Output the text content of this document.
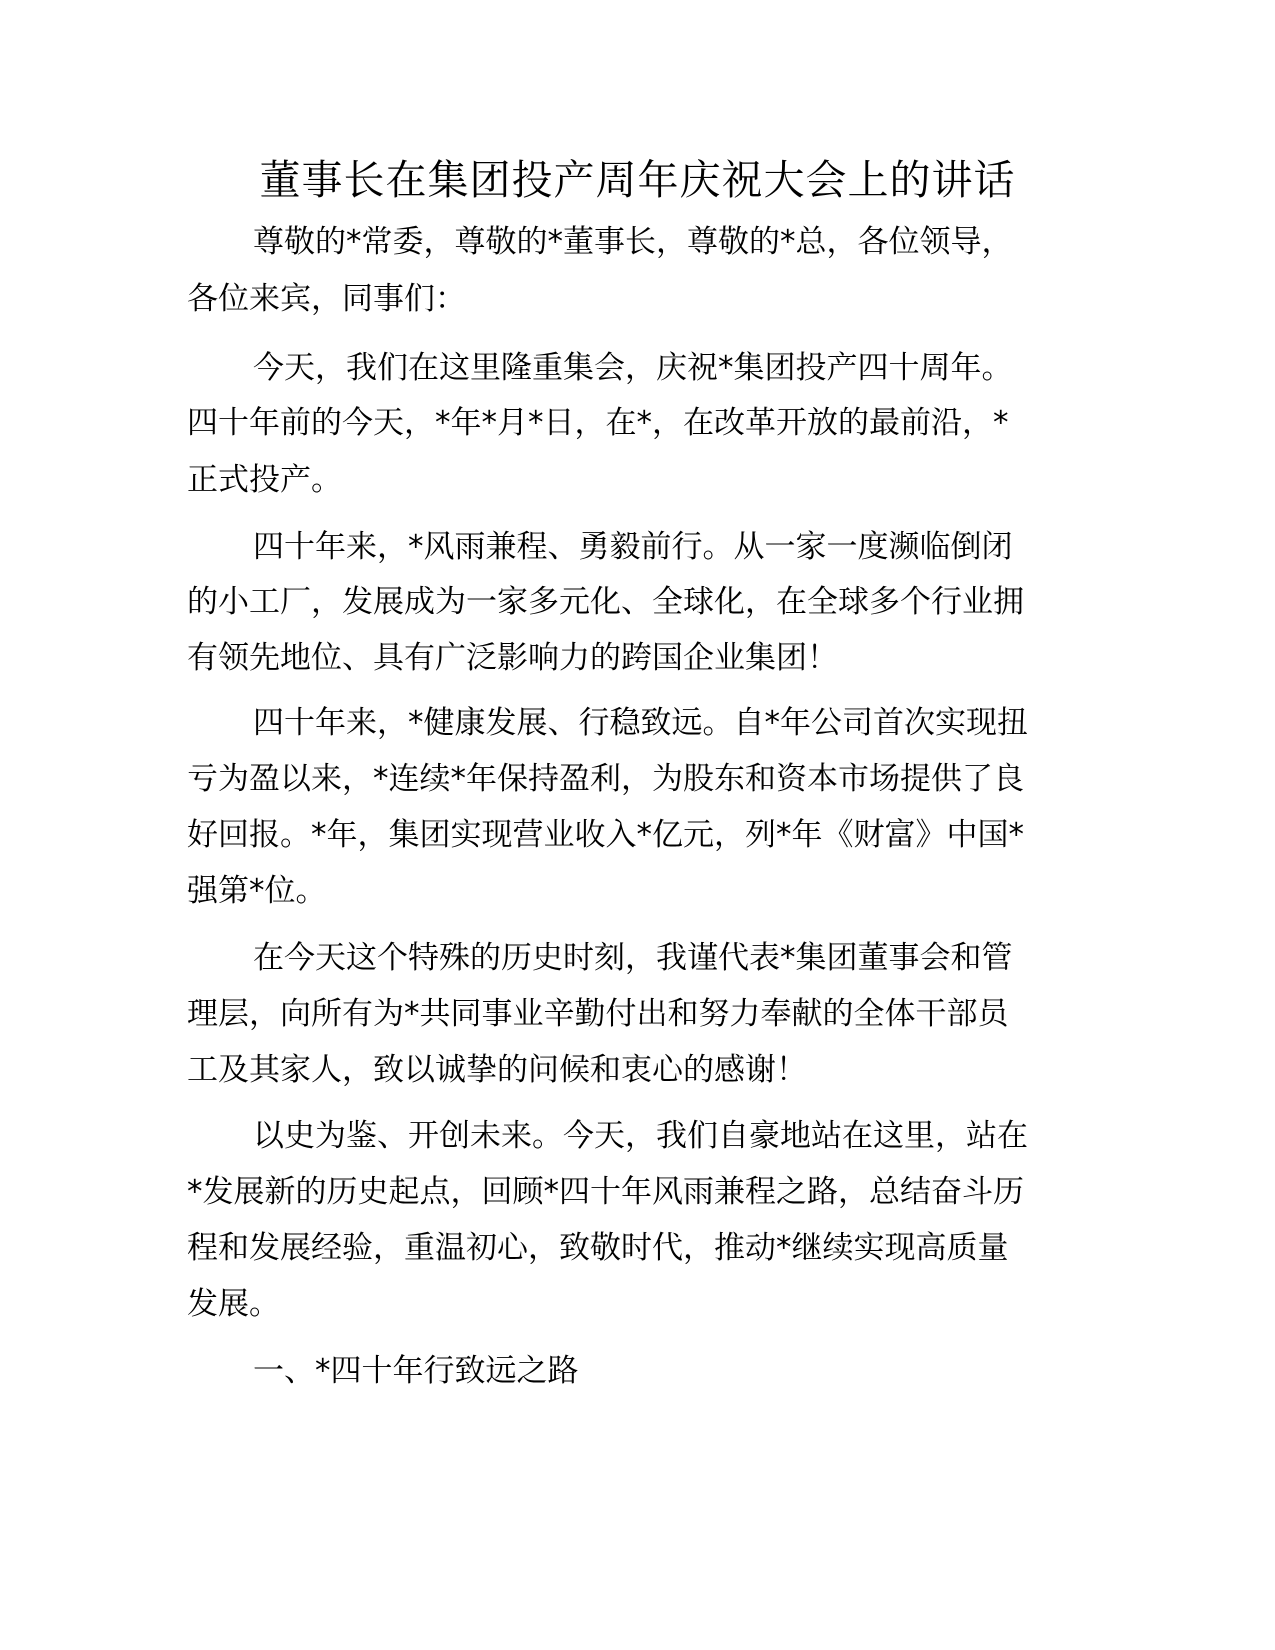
董事长在集团投产周年庆祝大会上的讲话
尊敬的*常委，尊敬的*董事长，尊敬的*总，各位领导，
各位来宾，同事们：
今天，我们在这里隆重集会，庆祝*集团投产四十周年。
四十年前的今天，*年*月*日，在*，在改革开放的最前沿，*
正式投产。
四十年来，*风雨兼程、勇毅前行。从一家一度濒临倒闭
的小工厂，发展成为一家多元化、全球化，在全球多个行业拥
有领先地位、具有广泛影响力的跨国企业集团！
四十年来，*健康发展、行稳致远。自*年公司首次实现扭
亏为盈以来，*连续*年保持盈利，为股东和资本市场提供了良
好回报。*年，集团实现营业收入*亿元，列*年《财富》中国*
强第*位。
在今天这个特殊的历史时刻，我谨代表*集团董事会和管
理层，向所有为*共同事业辛勤付出和努力奉献的全体干部员
工及其家人，致以诚挚的问候和衷心的感谢！
以史为鉴、开创未来。今天，我们自豪地站在这里，站在
*发展新的历史起点，回顾*四十年风雨兼程之路，总结奋斗历
程和发展经验，重温初心，致敬时代，推动*继续实现高质量
发展。
一、*四十年行致远之路
